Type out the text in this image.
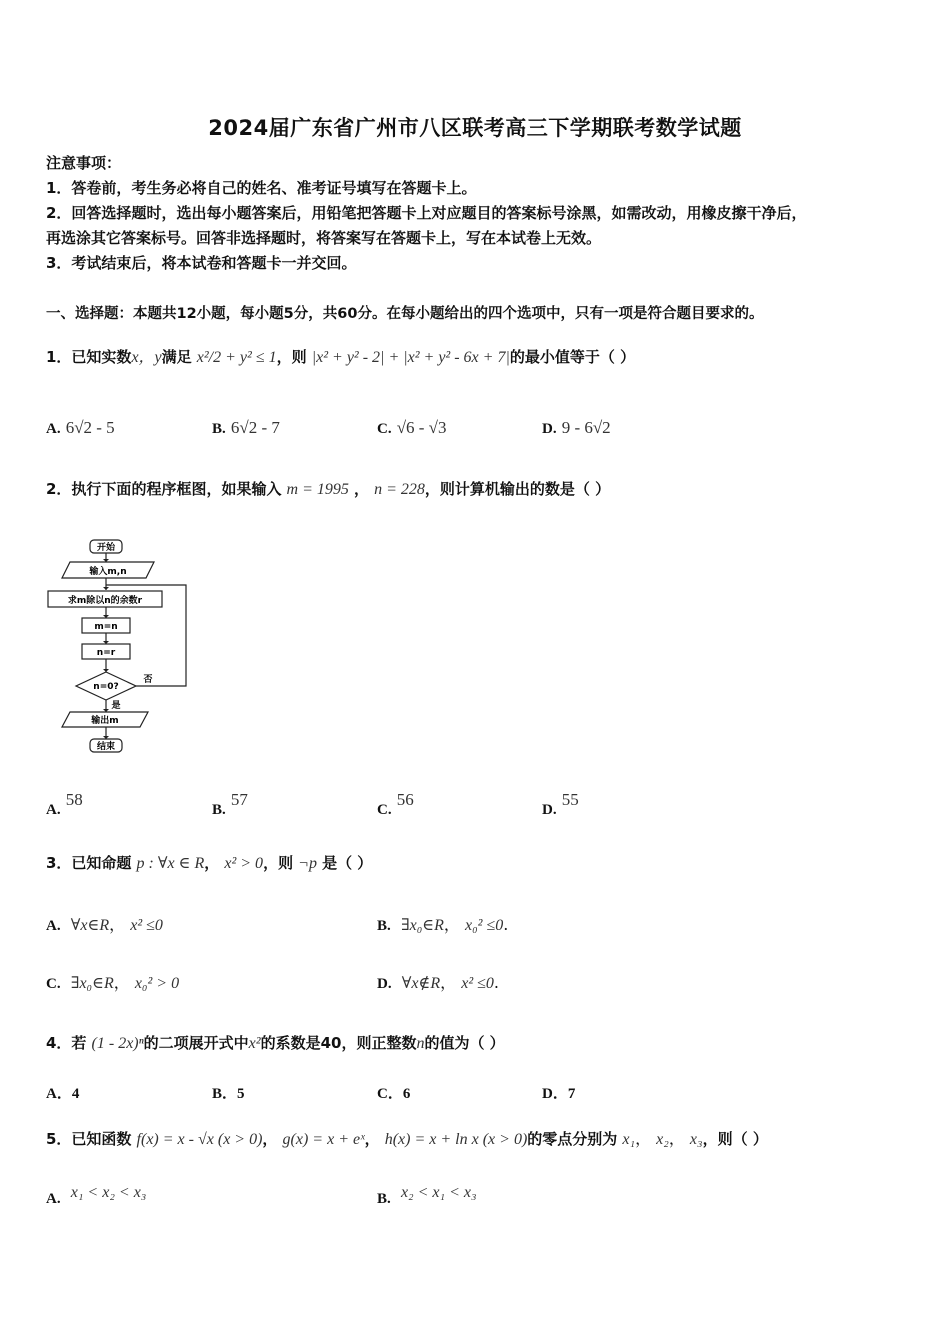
2024届广东省广州市八区联考高三下学期联考数学试题
注意事项：
1．答卷前，考生务必将自己的姓名、准考证号填写在答题卡上。
2．回答选择题时，选出每小题答案后，用铅笔把答题卡上对应题目的答案标号涂黑，如需改动，用橡皮擦干净后，
再选涂其它答案标号。回答非选择题时，将答案写在答题卡上，写在本试卷上无效。
3．考试结束后，将本试卷和答题卡一并交回。
一、选择题：本题共12小题，每小题5分，共60分。在每小题给出的四个选项中，只有一项是符合题目要求的。
1．已知实数x，y满足 x²/2 + y² ≤ 1，则 |x² + y² - 2| + |x² + y² - 6x + 7|的最小值等于（ ）
A. 6√2 - 5	B. 6√2 - 7	C. √6 - √3	D. 9 - 6√2
2．执行下面的程序框图，如果输入 m = 1995 ， n = 228，则计算机输出的数是（ ）
开始
输入m,n
求m除以n的余数r
m=n
n=r
n=0?
否
是
输出m
结束
A. 58
B. 57
C. 56
D. 55
3．已知命题 p : ∀x ∈ R， x² > 0，则 ¬p 是（ ）
A. ∀x∈R， x² ≤0	B. ∃x₀∈R， x₀² ≤0.
C. ∃x₀∈R， x₀² > 0	D. ∀x∉R， x² ≤0.
4．若 (1 - 2x)ⁿ的二项展开式中x²的系数是40，则正整数n的值为（ ）
A．4	B．5	C．6	D．7
5．已知函数 f(x) = x - √x (x > 0)， g(x) = x + eˣ， h(x) = x + ln x (x > 0)的零点分别为 x₁， x₂， x₃，则（ ）
A. x₁ < x₂ < x₃	B. x₂ < x₁ < x₃
